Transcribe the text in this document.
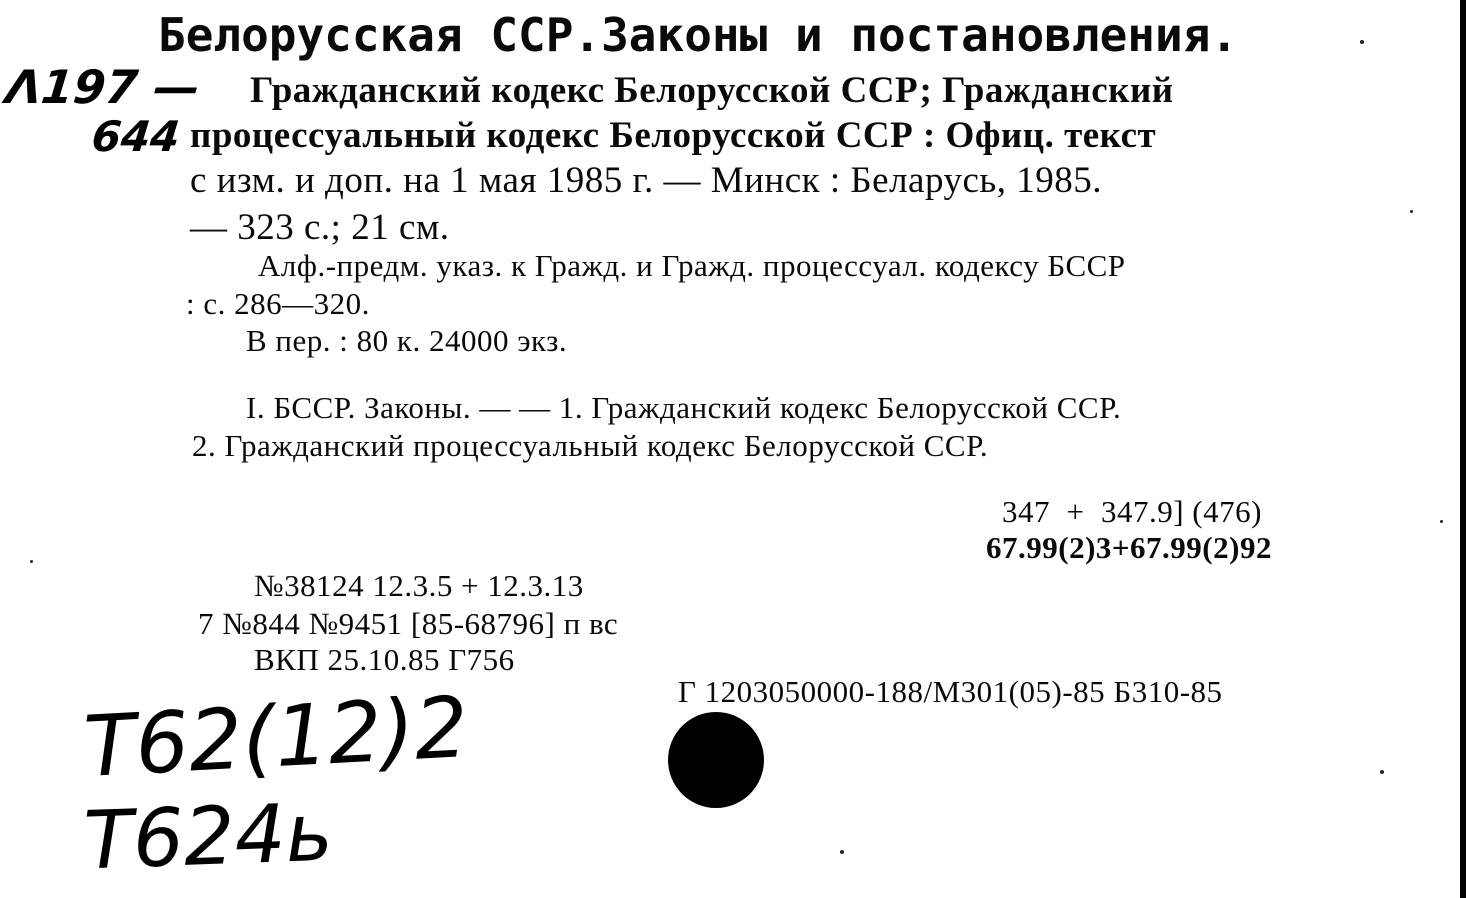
Белорусская ССР.Законы и постановления.
Λ197 —
644
Гражданский кодекс Белорусской ССР; Гражданский
процессуальный кодекс Белорусской ССР : Офиц. текст
с изм. и доп. на 1 мая 1985 г. — Минск : Беларусь, 1985.
— 323 с.; 21 см.
Алф.-предм. указ. к Гражд. и Гражд. процессуал. кодексу БССР
: с. 286—320.
В пер. : 80 к. 24000 экз.
I. БССР. Законы. — — 1. Гражданский кодекс Белорусской ССР.
2. Гражданский процессуальный кодекс Белорусской ССР.
347  +  347.9] (476)
67.99(2)3+67.99(2)92
№38124 12.3.5 + 12.3.13
7 №844 №9451 [85-68796] п вс
ВКП 25.10.85 Г756
Г 1203050000-188/М301(05)-85 Б310-85
Т62(12)2
Т624ь
